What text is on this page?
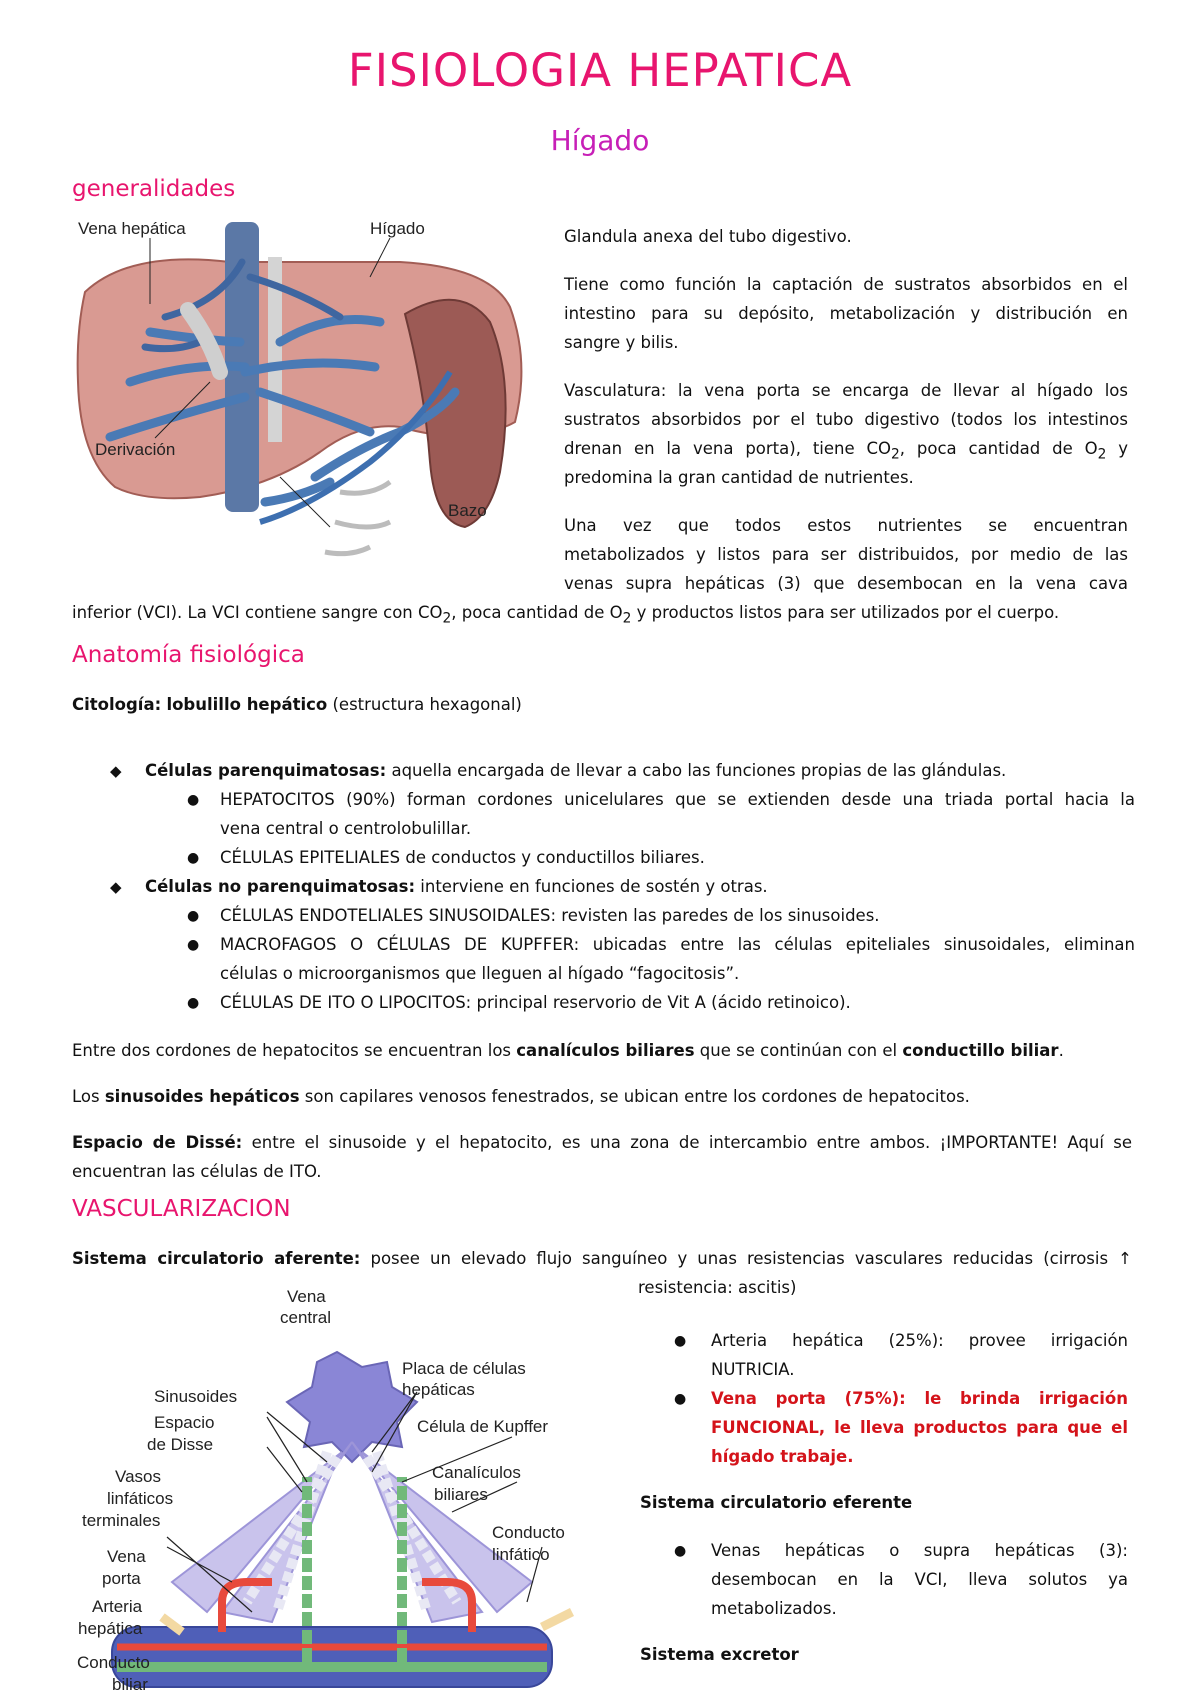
FISIOLOGIA HEPATICA
Hígado
generalidades
Vena hepática	Hígado
Derivación
Bazo
Glandula anexa del tubo digestivo.
Tiene como función la captación de sustratos absorbidos en el
intestino para su depósito, metabolización y distribución en
sangre y bilis.
Vasculatura: la vena porta se encarga de llevar al hígado los
sustratos absorbidos por el tubo digestivo (todos los intestinos
drenan en la vena porta), tiene $CO_2$, poca cantidad de $O_2$ y
predomina la gran cantidad de nutrientes.
Una vez que todos estos nutrientes se encuentran
metabolizados y listos para ser distribuidos, por medio de las
venas supra hepáticas (3) que desembocan en la vena cava
inferior (VCI). La VCI contiene sangre con $CO_2$, poca cantidad de $O_2$ y productos listos para ser utilizados por el cuerpo.
Anatomía fisiológica
Citología: lobulillo hepático (estructura hexagonal)
◆ Células parenquimatosas: aquella encargada de llevar a cabo las funciones propias de las glándulas.
● HEPATOCITOS (90%) forman cordones unicelulares que se extienden desde una triada portal hacia la
vena central o centrolobulillar.
● CÉLULAS EPITELIALES de conductos y conductillos biliares.
◆ Células no parenquimatosas: interviene en funciones de sostén y otras.
● CÉLULAS ENDOTELIALES SINUSOIDALES: revisten las paredes de los sinusoides.
● MACROFAGOS O CÉLULAS DE KUPFFER: ubicadas entre las células epiteliales sinusoidales, eliminan
células o microorganismos que lleguen al hígado “fagocitosis”.
● CÉLULAS DE ITO O LIPOCITOS: principal reservorio de Vit A (ácido retinoico).
Entre dos cordones de hepatocitos se encuentran los canalículos biliares que se continúan con el conductillo biliar.
Los sinusoides hepáticos son capilares venosos fenestrados, se ubican entre los cordones de hepatocitos.
Espacio de Dissé: entre el sinusoide y el hepatocito, es una zona de intercambio entre ambos. ¡IMPORTANTE! Aquí se
encuentran las células de ITO.
VASCULARIZACION
Sistema circulatorio aferente: posee un elevado flujo sanguíneo y unas resistencias vasculares reducidas (cirrosis ↑
resistencia: ascitis)
Vena
central
Placa de células
hepáticas
Sinusoides
Espacio
de Disse
Célula de Kupffer
Vasos
linfáticos
terminales
Canalículos
biliares
Conducto
linfático
Vena
porta
Arteria
hepática
Conducto
biliar
● Arteria hepática (25%): provee irrigación
NUTRICIA.
● Vena porta (75%): le brinda irrigación
FUNCIONAL, le lleva productos para que el
hígado trabaje.
Sistema circulatorio eferente
● Venas hepáticas o supra hepáticas (3):
desembocan en la VCI, lleva solutos ya
metabolizados.
Sistema excretor
